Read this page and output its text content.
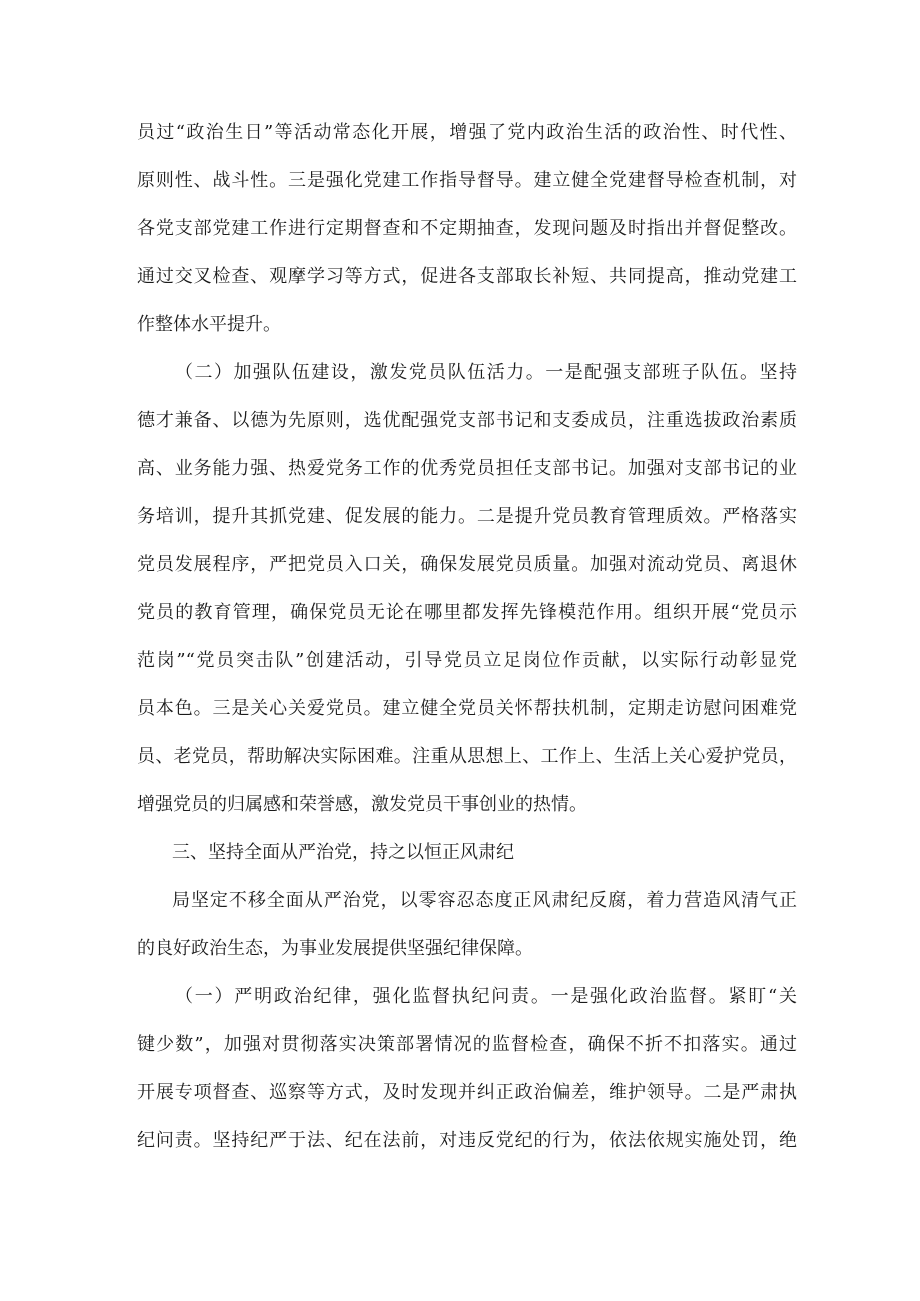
员过“政治生日”等活动常态化开展，增强了党内政治生活的政治性、时代性、
原则性、战斗性。三是强化党建工作指导督导。建立健全党建督导检查机制，对
各党支部党建工作进行定期督查和不定期抽查，发现问题及时指出并督促整改。
通过交叉检查、观摩学习等方式，促进各支部取长补短、共同提高，推动党建工
作整体水平提升。
（二）加强队伍建设，激发党员队伍活力。一是配强支部班子队伍。坚持
德才兼备、以德为先原则，选优配强党支部书记和支委成员，注重选拔政治素质
高、业务能力强、热爱党务工作的优秀党员担任支部书记。加强对支部书记的业
务培训，提升其抓党建、促发展的能力。二是提升党员教育管理质效。严格落实
党员发展程序，严把党员入口关，确保发展党员质量。加强对流动党员、离退休
党员的教育管理，确保党员无论在哪里都发挥先锋模范作用。组织开展“党员示
范岗”“党员突击队”创建活动，引导党员立足岗位作贡献，以实际行动彰显党
员本色。三是关心关爱党员。建立健全党员关怀帮扶机制，定期走访慰问困难党
员、老党员，帮助解决实际困难。注重从思想上、工作上、生活上关心爱护党员，
增强党员的归属感和荣誉感，激发党员干事创业的热情。
三、坚持全面从严治党，持之以恒正风肃纪
局坚定不移全面从严治党，以零容忍态度正风肃纪反腐，着力营造风清气正
的良好政治生态，为事业发展提供坚强纪律保障。
（一）严明政治纪律，强化监督执纪问责。一是强化政治监督。紧盯“关
键少数”，加强对贯彻落实决策部署情况的监督检查，确保不折不扣落实。通过
开展专项督查、巡察等方式，及时发现并纠正政治偏差，维护领导。二是严肃执
纪问责。坚持纪严于法、纪在法前，对违反党纪的行为，依法依规实施处罚，绝
